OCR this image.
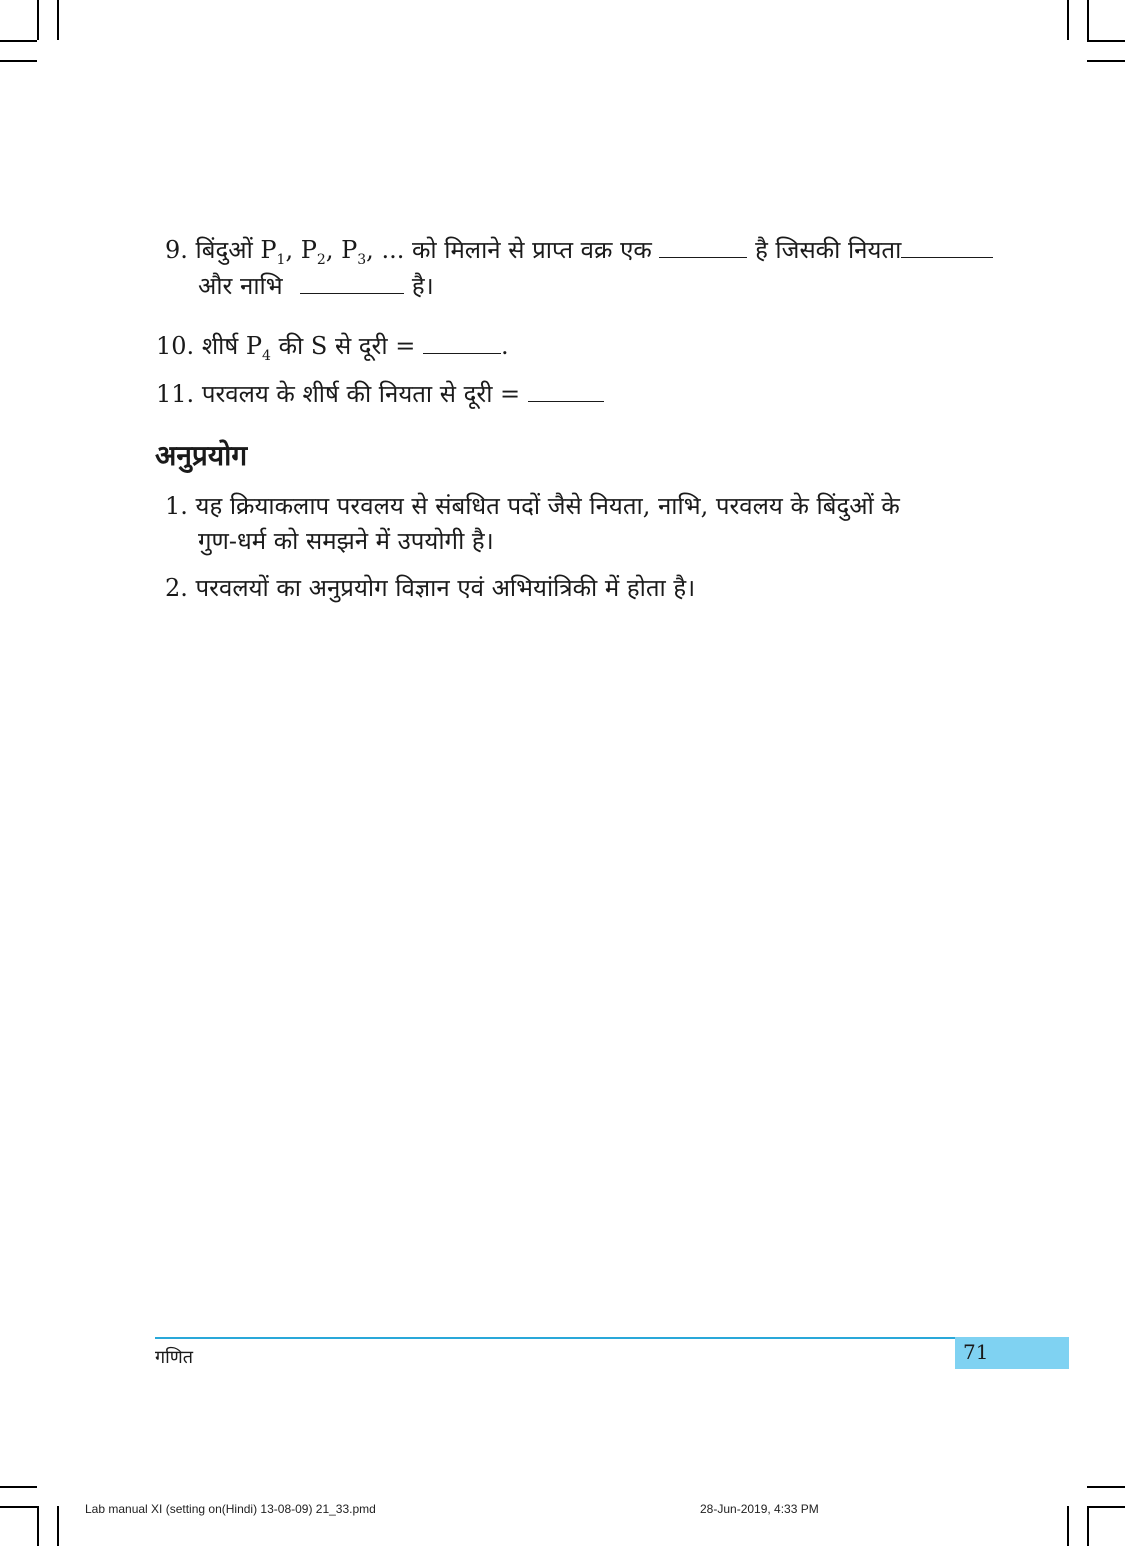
9. बिंदुओं $P_1$, $P_2$, $P_3$, ... को मिलाने से प्राप्त वक्र एक	है जिसकी नियता
और नाभि	है।
10. शीर्ष $P_4$ की S से दूरी =	.
11. परवलय के शीर्ष की नियता से दूरी =
अनुप्रयोग
1. यह क्रियाकलाप परवलय से संबधित पदों जैसे नियता, नाभि, परवलय के बिंदुओं के
गुण-धर्म को समझने में उपयोगी है।
2. परवलयों का अनुप्रयोग विज्ञान एवं अभियांत्रिकी में होता है।
71
गणित
Lab manual XI (setting on(Hindi) 13-08-09) 21_33.pmd	28-Jun-2019, 4:33 PM
